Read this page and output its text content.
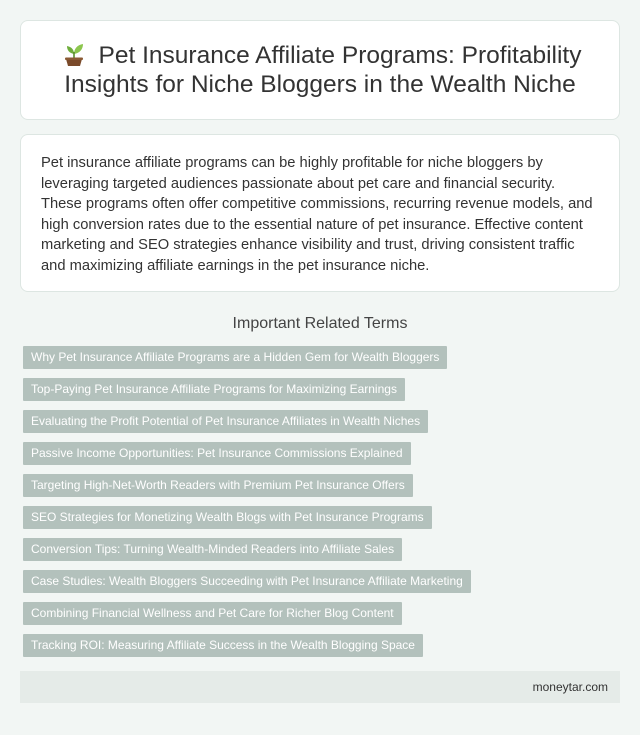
Pet Insurance Affiliate Programs: Profitability Insights for Niche Bloggers in the Wealth Niche

Pet insurance affiliate programs can be highly profitable for niche bloggers by leveraging targeted audiences passionate about pet care and financial security. These programs often offer competitive commissions, recurring revenue models, and high conversion rates due to the essential nature of pet insurance. Effective content marketing and SEO strategies enhance visibility and trust, driving consistent traffic and maximizing affiliate earnings in the pet insurance niche.

Important Related Terms
Why Pet Insurance Affiliate Programs are a Hidden Gem for Wealth Bloggers
Top-Paying Pet Insurance Affiliate Programs for Maximizing Earnings
Evaluating the Profit Potential of Pet Insurance Affiliates in Wealth Niches
Passive Income Opportunities: Pet Insurance Commissions Explained
Targeting High-Net-Worth Readers with Premium Pet Insurance Offers
SEO Strategies for Monetizing Wealth Blogs with Pet Insurance Programs
Conversion Tips: Turning Wealth-Minded Readers into Affiliate Sales
Case Studies: Wealth Bloggers Succeeding with Pet Insurance Affiliate Marketing
Combining Financial Wellness and Pet Care for Richer Blog Content
Tracking ROI: Measuring Affiliate Success in the Wealth Blogging Space
moneytar.com
